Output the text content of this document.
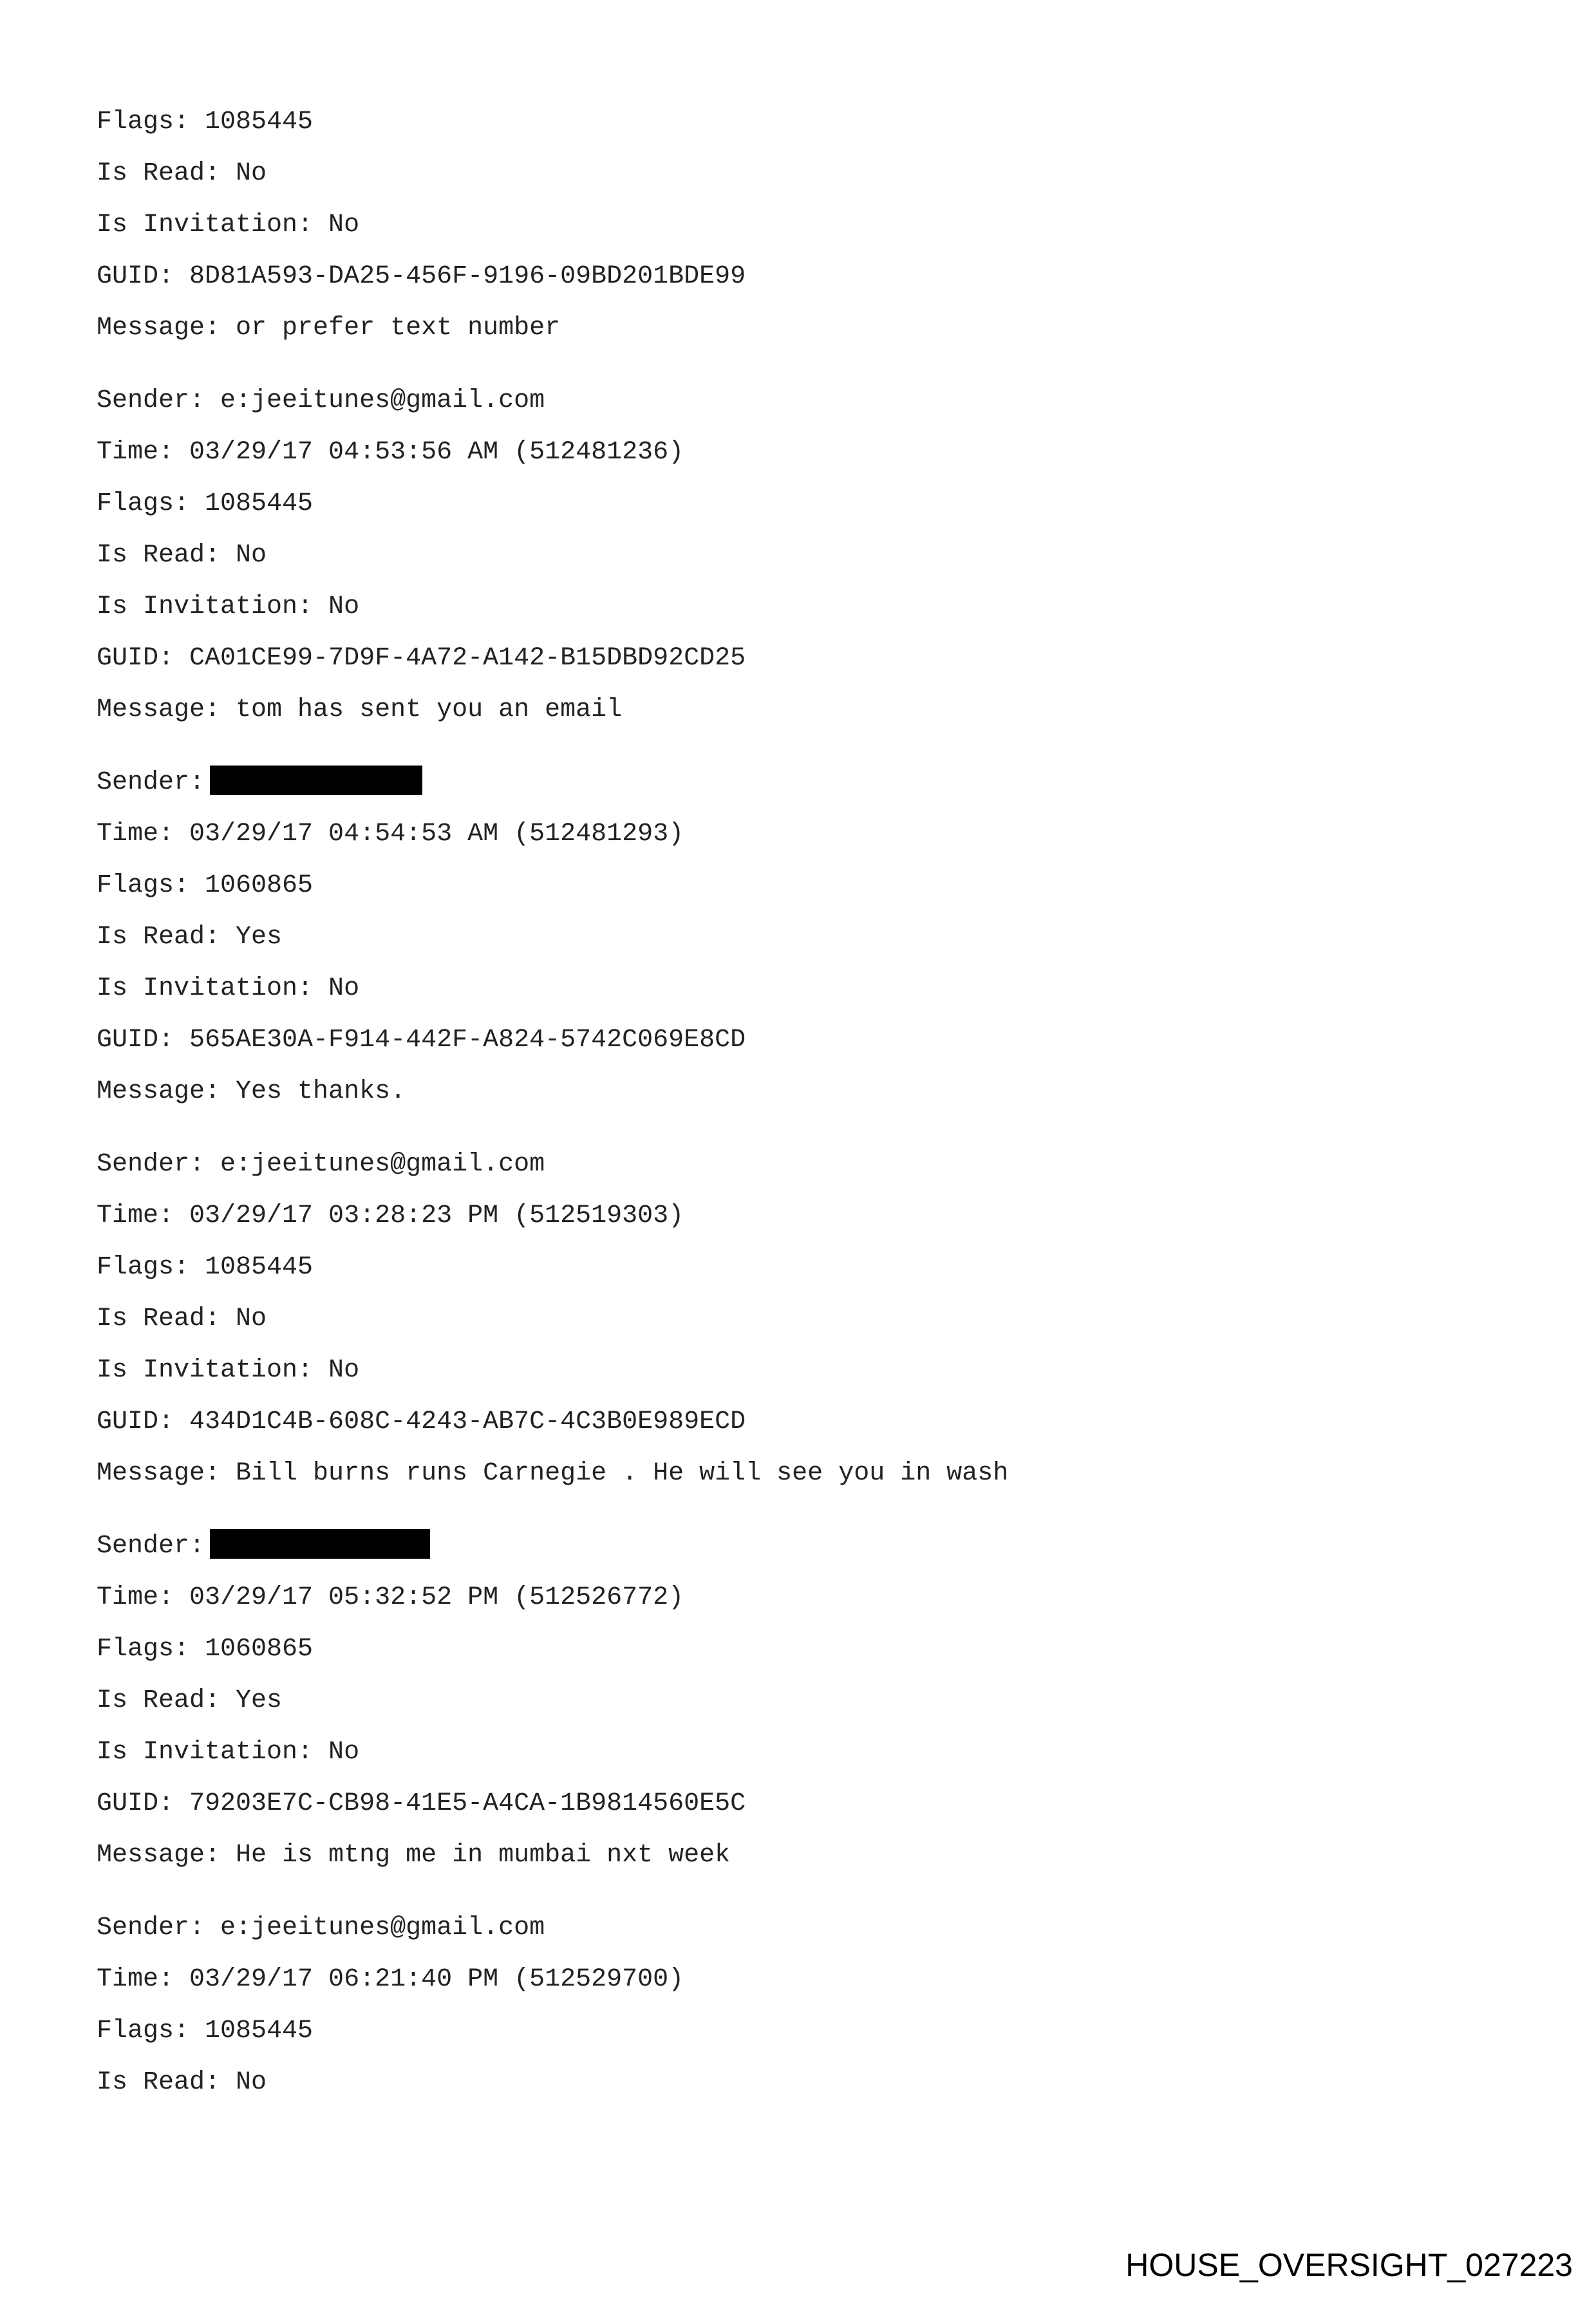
Flags: 1085445
Is Read: No
Is Invitation: No
GUID: 8D81A593-DA25-456F-9196-09BD201BDE99
Message: or prefer text number
Sender: e:jeeitunes@gmail.com
Time: 03/29/17 04:53:56 AM (512481236)
Flags: 1085445
Is Read: No
Is Invitation: No
GUID: CA01CE99-7D9F-4A72-A142-B15DBD92CD25
Message: tom has sent you an email
Sender:
Time: 03/29/17 04:54:53 AM (512481293)
Flags: 1060865
Is Read: Yes
Is Invitation: No
GUID: 565AE30A-F914-442F-A824-5742C069E8CD
Message: Yes thanks.
Sender: e:jeeitunes@gmail.com
Time: 03/29/17 03:28:23 PM (512519303)
Flags: 1085445
Is Read: No
Is Invitation: No
GUID: 434D1C4B-608C-4243-AB7C-4C3B0E989ECD
Message: Bill burns runs Carnegie . He will see you in wash
Sender:
Time: 03/29/17 05:32:52 PM (512526772)
Flags: 1060865
Is Read: Yes
Is Invitation: No
GUID: 79203E7C-CB98-41E5-A4CA-1B9814560E5C
Message: He is mtng me in mumbai nxt week
Sender: e:jeeitunes@gmail.com
Time: 03/29/17 06:21:40 PM (512529700)
Flags: 1085445
Is Read: No
HOUSE_OVERSIGHT_027223
